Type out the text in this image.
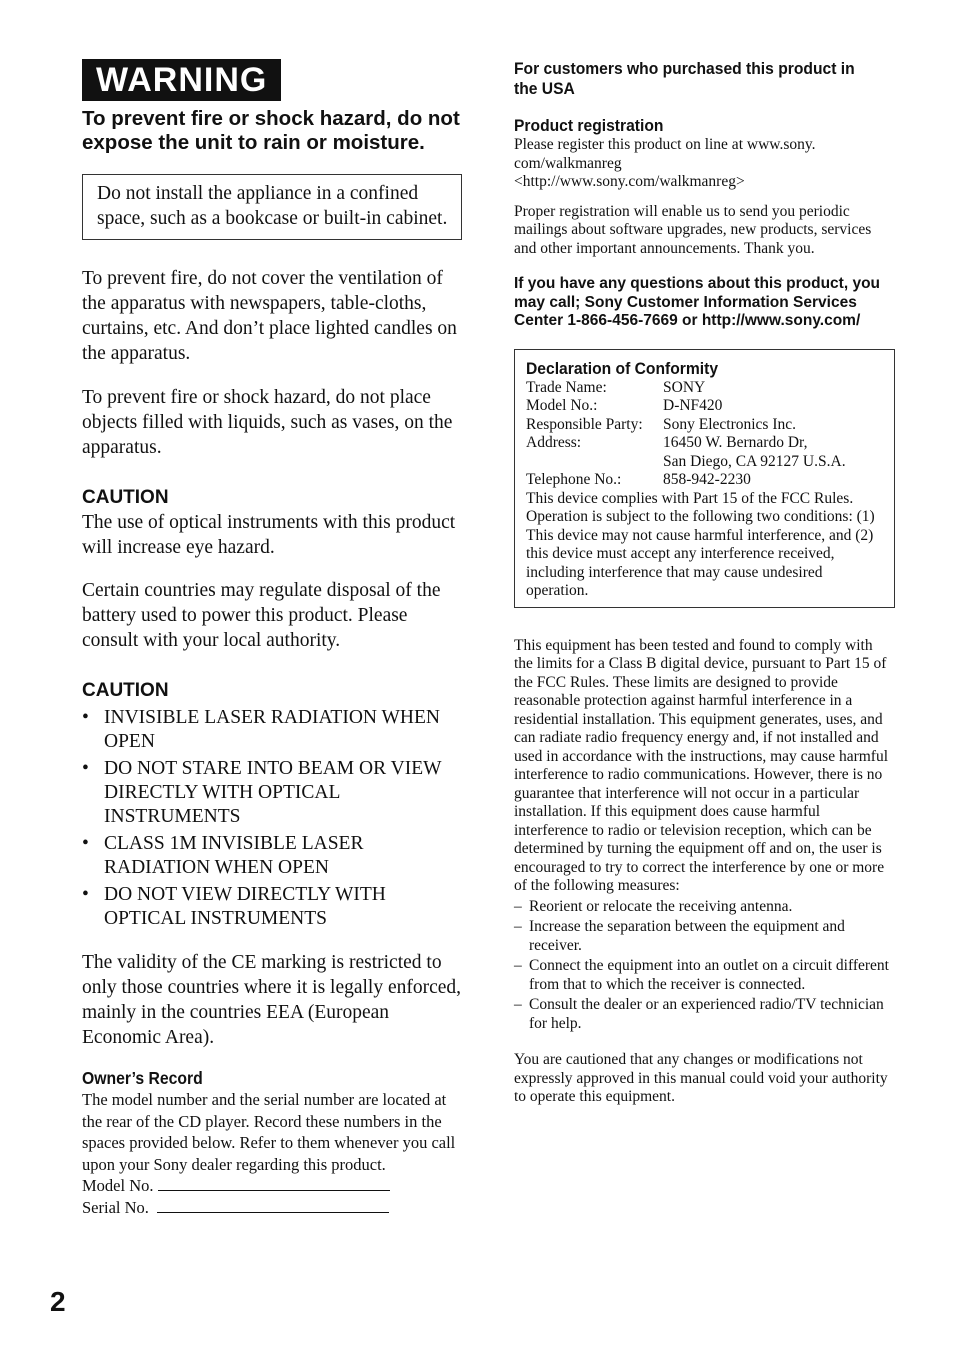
WARNING

To prevent fire or shock hazard, do not expose the unit to rain or moisture.

Do not install the appliance in a confined space, such as a bookcase or built-in cabinet.

To prevent fire, do not cover the ventilation of the apparatus with newspapers, table-cloths, curtains, etc. And don’t place lighted candles on the apparatus.

To prevent fire or shock hazard, do not place objects filled with liquids, such as vases, on the apparatus.

CAUTION

The use of optical instruments with this product will increase eye hazard.

Certain countries may regulate disposal of the battery used to power this product. Please consult with your local authority.

CAUTION
• INVISIBLE LASER RADIATION WHEN OPEN
• DO NOT STARE INTO BEAM OR VIEW DIRECTLY WITH OPTICAL INSTRUMENTS
• CLASS 1M INVISIBLE LASER RADIATION WHEN OPEN
• DO NOT VIEW DIRECTLY WITH OPTICAL INSTRUMENTS

The validity of the CE marking is restricted to only those countries where it is legally enforced, mainly in the countries EEA (European Economic Area).

Owner’s Record

The model number and the serial number are located at the rear of the CD player. Record these numbers in the spaces provided below. Refer to them whenever you call upon your Sony dealer regarding this product.

Model No.

Serial No.

For customers who purchased this product in the USA

Product registration

Please register this product on line at www.sony.

com/walkmanreg

<http://www.sony.com/walkmanreg>

Proper registration will enable us to send you periodic mailings about software upgrades, new products, services and other important announcements. Thank you.

If you have any questions about this product, you may call; Sony Customer Information Services Center 1-866-456-7669 or http://www.sony.com/

Declaration of Conformity

Trade Name:	SONY
Model No.:	D-NF420
Responsible Party:	Sony Electronics Inc.
Address:	16450 W. Bernardo Dr,
	San Diego, CA 92127 U.S.A.
Telephone No.:	858-942-2230

This device complies with Part 15 of the FCC Rules. Operation is subject to the following two conditions: (1) This device may not cause harmful interference, and (2) this device must accept any interference received, including interference that may cause undesired operation.

This equipment has been tested and found to comply with the limits for a Class B digital device, pursuant to Part 15 of the FCC Rules. These limits are designed to provide reasonable protection against harmful interference in a residential installation. This equipment generates, uses, and can radiate radio frequency energy and, if not installed and used in accordance with the instructions, may cause harmful interference to radio communications. However, there is no guarantee that interference will not occur in a particular installation. If this equipment does cause harmful interference to radio or television reception, which can be determined by turning the equipment off and on, the user is encouraged to try to correct the interference by one or more of the following measures:

– Reorient or relocate the receiving antenna.
– Increase the separation between the equipment and receiver.
– Connect the equipment into an outlet on a circuit different from that to which the receiver is connected.
– Consult the dealer or an experienced radio/TV technician for help.

You are cautioned that any changes or modifications not expressly approved in this manual could void your authority to operate this equipment.

2
